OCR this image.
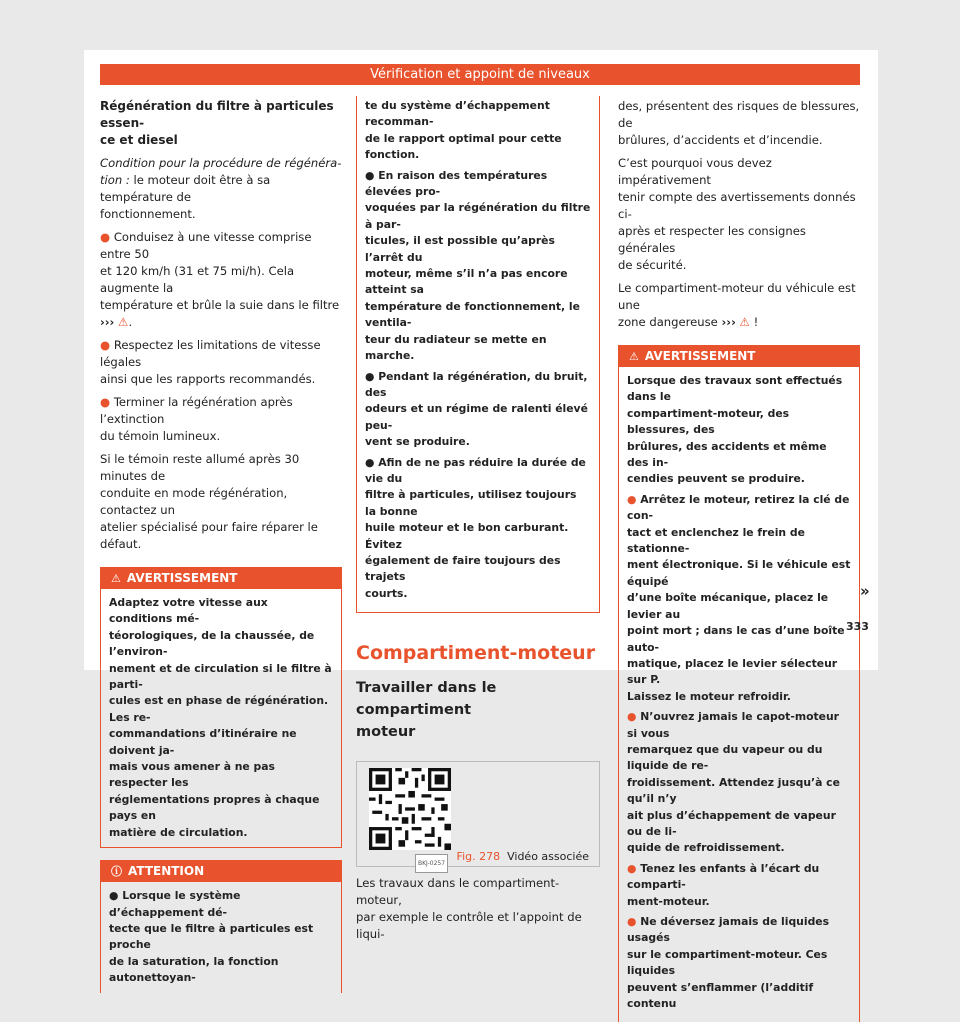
Vérification et appoint de niveaux

Régénération du filtre à particules essen-
ce et diesel

Condition pour la procédure de régénéra-
tion : le moteur doit être à sa température de
fonctionnement.

● Conduisez à une vitesse comprise entre 50
et 120 km/h (31 et 75 mi/h). Cela augmente la
température et brûle la suie dans le filtre
››› ⚠.

● Respectez les limitations de vitesse légales
ainsi que les rapports recommandés.

● Terminer la régénération après l’extinction
du témoin lumineux.

Si le témoin reste allumé après 30 minutes de
conduite en mode régénération, contactez un
atelier spécialisé pour faire réparer le défaut.

⚠ AVERTISSEMENT
Adaptez votre vitesse aux conditions mé-
téorologiques, de la chaussée, de l’environ-
nement et de circulation si le filtre à parti-
cules est en phase de régénération. Les re-
commandations d’itinéraire ne doivent ja-
mais vous amener à ne pas respecter les
réglementations propres à chaque pays en
matière de circulation.
ⓘ ATTENTION
● Lorsque le système d’échappement dé-
tecte que le filtre à particules est proche
de la saturation, la fonction autonettoyan-

te du système d’échappement recomman-
de le rapport optimal pour cette fonction.

● En raison des températures élevées pro-
voquées par la régénération du filtre à par-
ticules, il est possible qu’après l’arrêt du
moteur, même s’il n’a pas encore atteint sa
température de fonctionnement, le ventila-
teur du radiateur se mette en marche.

● Pendant la régénération, du bruit, des
odeurs et un régime de ralenti élevé peu-
vent se produire.

● Afin de ne pas réduire la durée de vie du
filtre à particules, utilisez toujours la bonne
huile moteur et le bon carburant. Évitez
également de faire toujours des trajets
courts.

Compartiment-moteur

Travailler dans le compartiment
moteur

BKJ-0257
Fig. 278 Vidéo associée

Les travaux dans le compartiment-moteur,
par exemple le contrôle et l’appoint de liqui-

des, présentent des risques de blessures, de
brûlures, d’accidents et d’incendie.

C’est pourquoi vous devez impérativement
tenir compte des avertissements donnés ci-
après et respecter les consignes générales
de sécurité.

Le compartiment-moteur du véhicule est une
zone dangereuse ››› ⚠ !

⚠ AVERTISSEMENT

Lorsque des travaux sont effectués dans le
compartiment-moteur, des blessures, des
brûlures, des accidents et même des in-
cendies peuvent se produire.

● Arrêtez le moteur, retirez la clé de con-
tact et enclenchez le frein de stationne-
ment électronique. Si le véhicule est équipé
d’une boîte mécanique, placez le levier au
point mort ; dans le cas d’une boîte auto-
matique, placez le levier sélecteur sur P.
Laissez le moteur refroidir.

● N’ouvrez jamais le capot-moteur si vous
remarquez que du vapeur ou du liquide de re-
froidissement. Attendez jusqu’à ce qu’il n’y
ait plus d’échappement de vapeur ou de li-
quide de refroidissement.

● Tenez les enfants à l’écart du comparti-
ment-moteur.

● Ne déversez jamais de liquides usagés
sur le compartiment-moteur. Ces liquides
peuvent s’enflammer (l’additif contenu

»
333
